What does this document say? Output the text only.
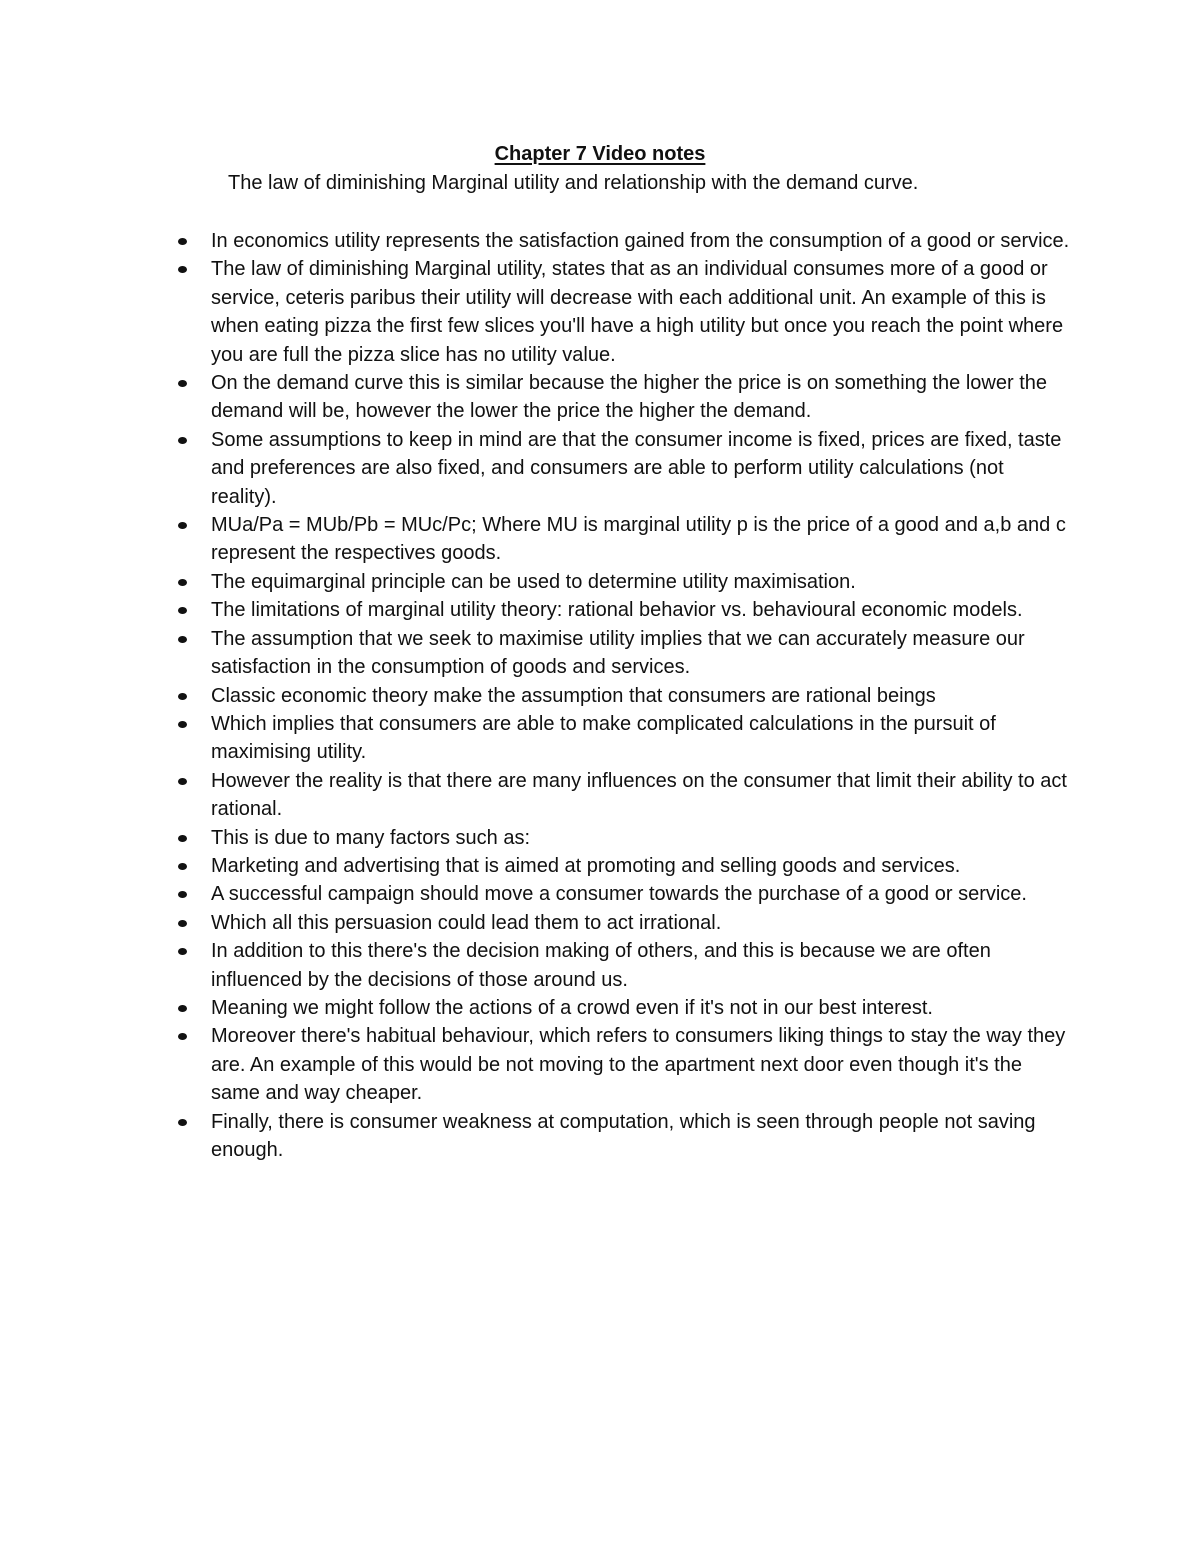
Chapter 7 Video notes

The law of diminishing Marginal utility and relationship with the demand curve.

In economics utility represents the satisfaction gained from the consumption of a good or service.
The law of diminishing Marginal utility, states that as an individual consumes more of a good or service, ceteris paribus their utility will decrease with each additional unit. An example of this is when eating pizza the first few slices you'll have a high utility but once you reach the point where you are full the pizza slice has no utility value.
On the demand curve this is similar because the higher the price is on something the lower the demand will be, however the lower the price the higher the demand.
Some assumptions to keep in mind are that the consumer income is fixed, prices are fixed, taste and preferences are also fixed, and consumers are able to perform utility calculations (not reality).
MUa/Pa = MUb/Pb = MUc/Pc; Where MU is marginal utility p is the price of a good and a,b and c represent the respectives goods.
The equimarginal principle can be used to determine utility maximisation.
The limitations of marginal utility theory: rational behavior vs. behavioural economic models.
The assumption that we seek to maximise utility implies that we can accurately measure our satisfaction in the consumption of goods and services.
Classic economic theory make the assumption that consumers are rational beings
Which implies that consumers are able to make complicated calculations in the pursuit of maximising utility.
However the reality is that there are many influences on the consumer that limit their ability to act rational.
This is due to many factors such as:
Marketing and advertising that is aimed at promoting and selling goods and services.
A successful campaign should move a consumer towards the purchase of a good or service.
Which all this persuasion could lead them to act irrational.
In addition to this there's the decision making of others, and this is because we are often influenced by the decisions of those around us.
Meaning we might follow the actions of a crowd even if it's not in our best interest.
Moreover there's habitual behaviour, which refers to consumers liking things to stay the way they are. An example of this would be not moving to the apartment next door even though it's the same and way cheaper.
Finally, there is consumer weakness at computation, which is seen through people not saving enough.
